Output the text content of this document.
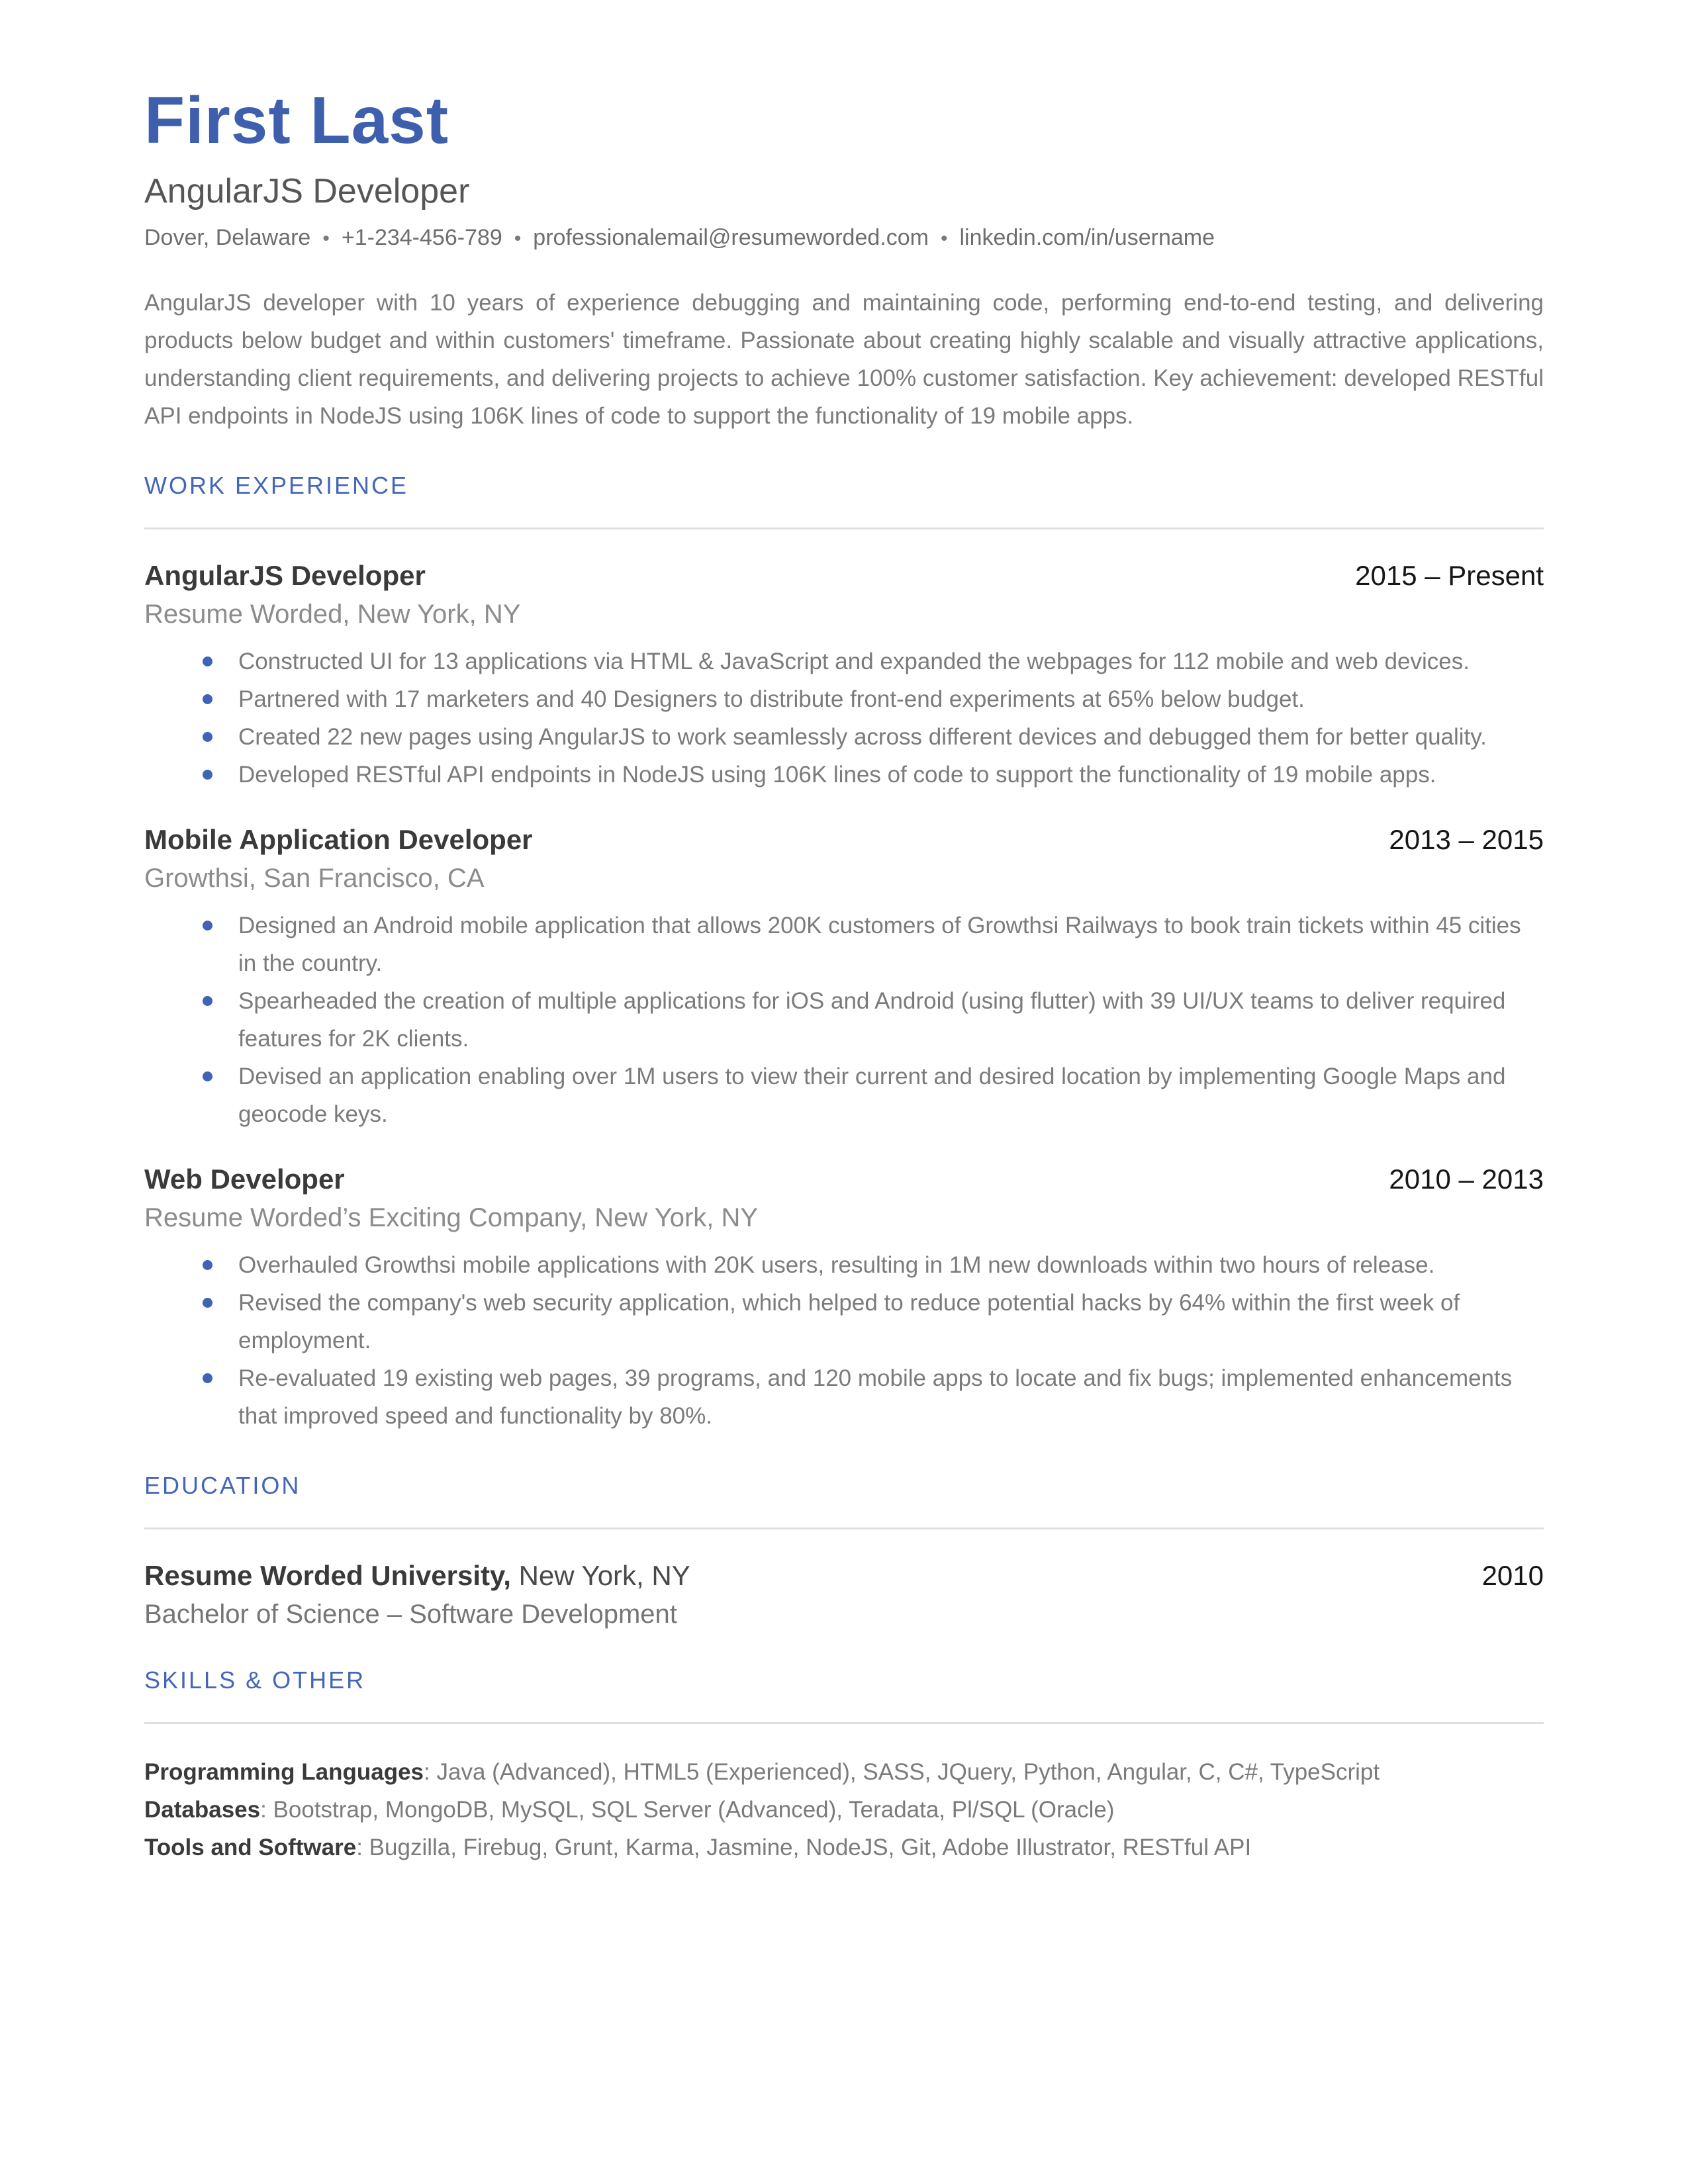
First Last
AngularJS Developer
Dover, Delaware • +1-234-456-789 • professionalemail@resumeworded.com • linkedin.com/in/username

AngularJS developer with 10 years of experience debugging and maintaining code, performing end-to-end testing, and delivering products below budget and within customers' timeframe. Passionate about creating highly scalable and visually attractive applications, understanding client requirements, and delivering projects to achieve 100% customer satisfaction. Key achievement: developed RESTful API endpoints in NodeJS using 106K lines of code to support the functionality of 19 mobile apps.

WORK EXPERIENCE
AngularJS Developer	2015 – Present
Resume Worded, New York, NY
Constructed UI for 13 applications via HTML & JavaScript and expanded the webpages for 112 mobile and web devices.
Partnered with 17 marketers and 40 Designers to distribute front-end experiments at 65% below budget.
Created 22 new pages using AngularJS to work seamlessly across different devices and debugged them for better quality.
Developed RESTful API endpoints in NodeJS using 106K lines of code to support the functionality of 19 mobile apps.
Mobile Application Developer	2013 – 2015
Growthsi, San Francisco, CA
Designed an Android mobile application that allows 200K customers of Growthsi Railways to book train tickets within 45 cities in the country.
Spearheaded the creation of multiple applications for iOS and Android (using flutter) with 39 UI/UX teams to deliver required features for 2K clients.
Devised an application enabling over 1M users to view their current and desired location by implementing Google Maps and geocode keys.
Web Developer	2010 – 2013
Resume Worded’s Exciting Company, New York, NY
Overhauled Growthsi mobile applications with 20K users, resulting in 1M new downloads within two hours of release.
Revised the company's web security application, which helped to reduce potential hacks by 64% within the first week of employment.
Re-evaluated 19 existing web pages, 39 programs, and 120 mobile apps to locate and fix bugs; implemented enhancements that improved speed and functionality by 80%.
EDUCATION
Resume Worded University, New York, NY	2010
Bachelor of Science – Software Development
SKILLS & OTHER
Programming Languages: Java (Advanced), HTML5 (Experienced), SASS, JQuery, Python, Angular, C, C#, TypeScript
Databases: Bootstrap, MongoDB, MySQL, SQL Server (Advanced), Teradata, Pl/SQL (Oracle)
Tools and Software: Bugzilla, Firebug, Grunt, Karma, Jasmine, NodeJS, Git, Adobe Illustrator, RESTful API
